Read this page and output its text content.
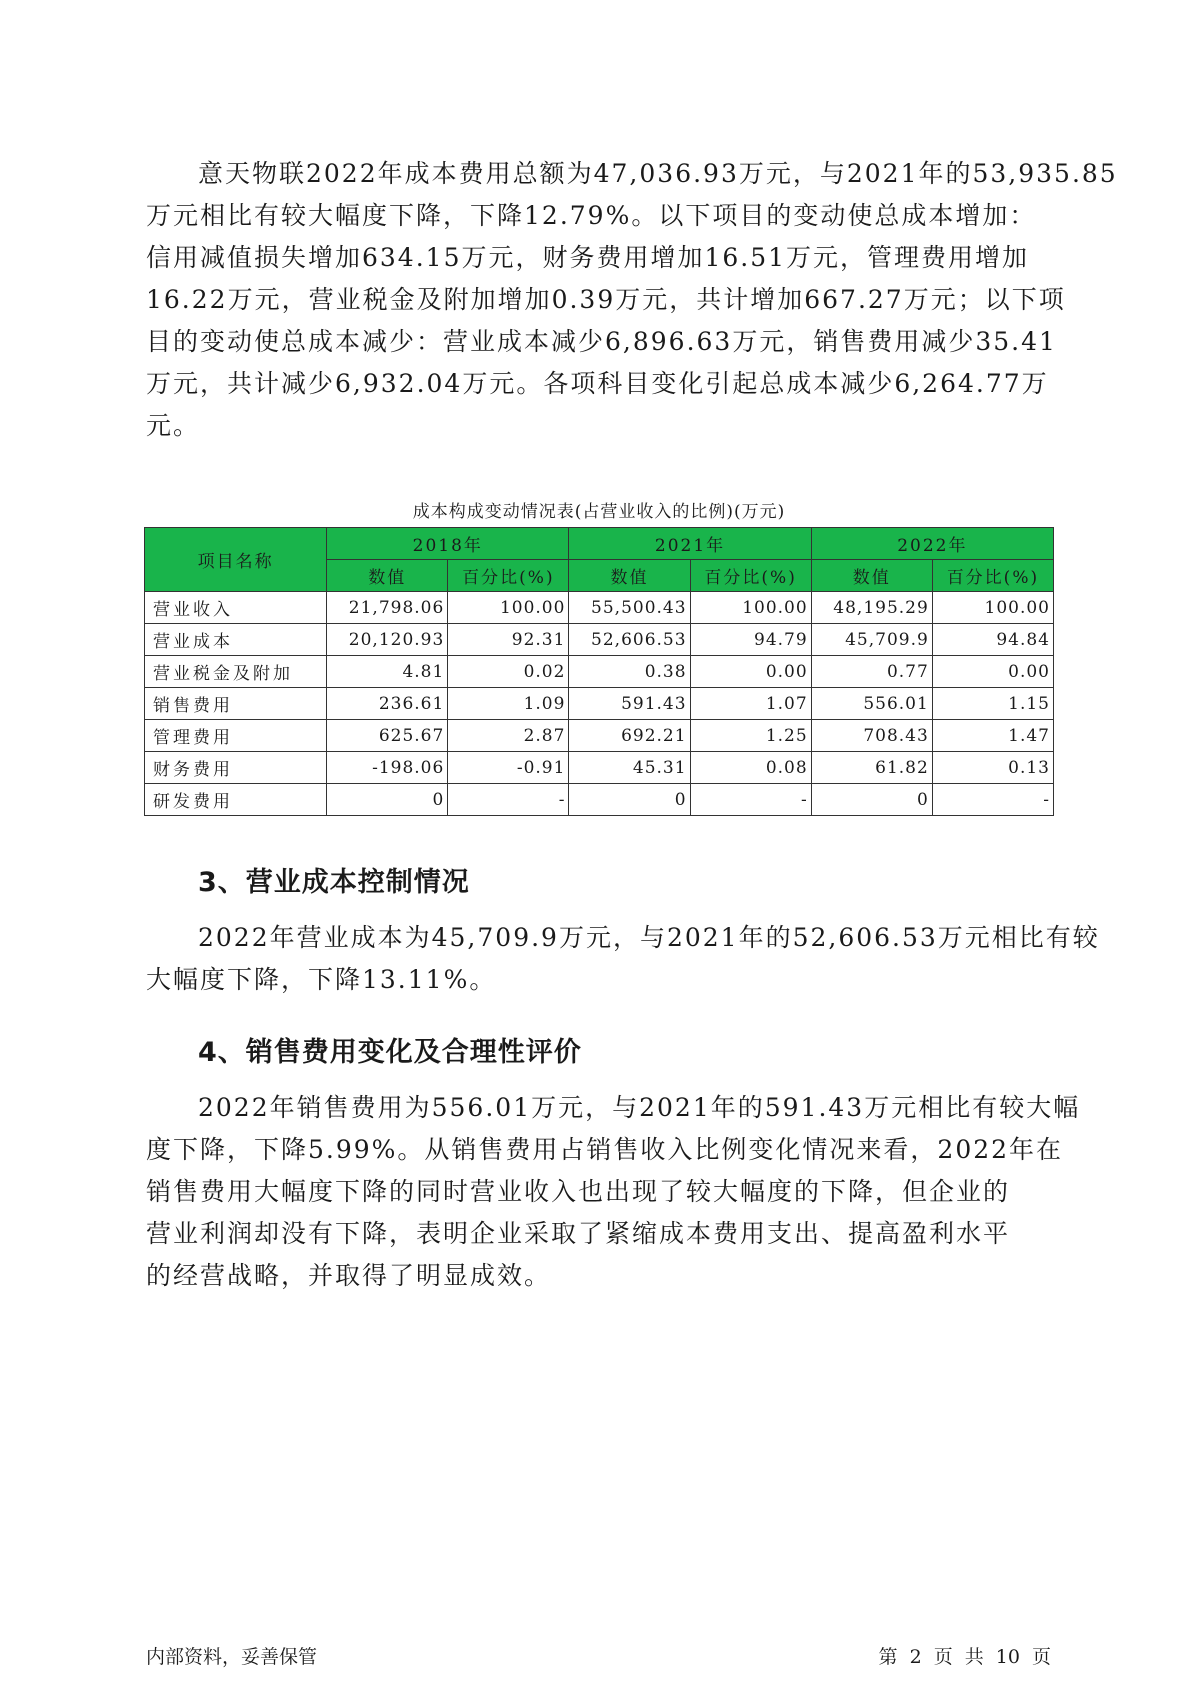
意天物联2022年成本费用总额为47,036.93万元，与2021年的53,935.85
万元相比有较大幅度下降，下降12.79%。以下项目的变动使总成本增加：
信用减值损失增加634.15万元，财务费用增加16.51万元，管理费用增加
16.22万元，营业税金及附加增加0.39万元，共计增加667.27万元；以下项
目的变动使总成本减少：营业成本减少6,896.63万元，销售费用减少35.41
万元，共计减少6,932.04万元。各项科目变化引起总成本减少6,264.77万
元。
成本构成变动情况表(占营业收入的比例)(万元)
项目名称	2018年		2021年		2022年	
	数值	百分比(%)	数值	百分比(%)	数值	百分比(%)
营业收入	21,798.06	100.00	55,500.43	100.00	48,195.29	100.00
营业成本	20,120.93	92.31	52,606.53	94.79	45,709.9	94.84
营业税金及附加	4.81	0.02	0.38	0.00	0.77	0.00
销售费用	236.61	1.09	591.43	1.07	556.01	1.15
管理费用	625.67	2.87	692.21	1.25	708.43	1.47
财务费用	-198.06	-0.91	45.31	0.08	61.82	0.13
研发费用	0	-	0	-	0	-
3、营业成本控制情况
2022年营业成本为45,709.9万元，与2021年的52,606.53万元相比有较
大幅度下降，下降13.11%。
4、销售费用变化及合理性评价
2022年销售费用为556.01万元，与2021年的591.43万元相比有较大幅
度下降，下降5.99%。从销售费用占销售收入比例变化情况来看，2022年在
销售费用大幅度下降的同时营业收入也出现了较大幅度的下降，但企业的
营业利润却没有下降，表明企业采取了紧缩成本费用支出、提高盈利水平
的经营战略，并取得了明显成效。
内部资料，妥善保管	第 2 页 共 10 页
